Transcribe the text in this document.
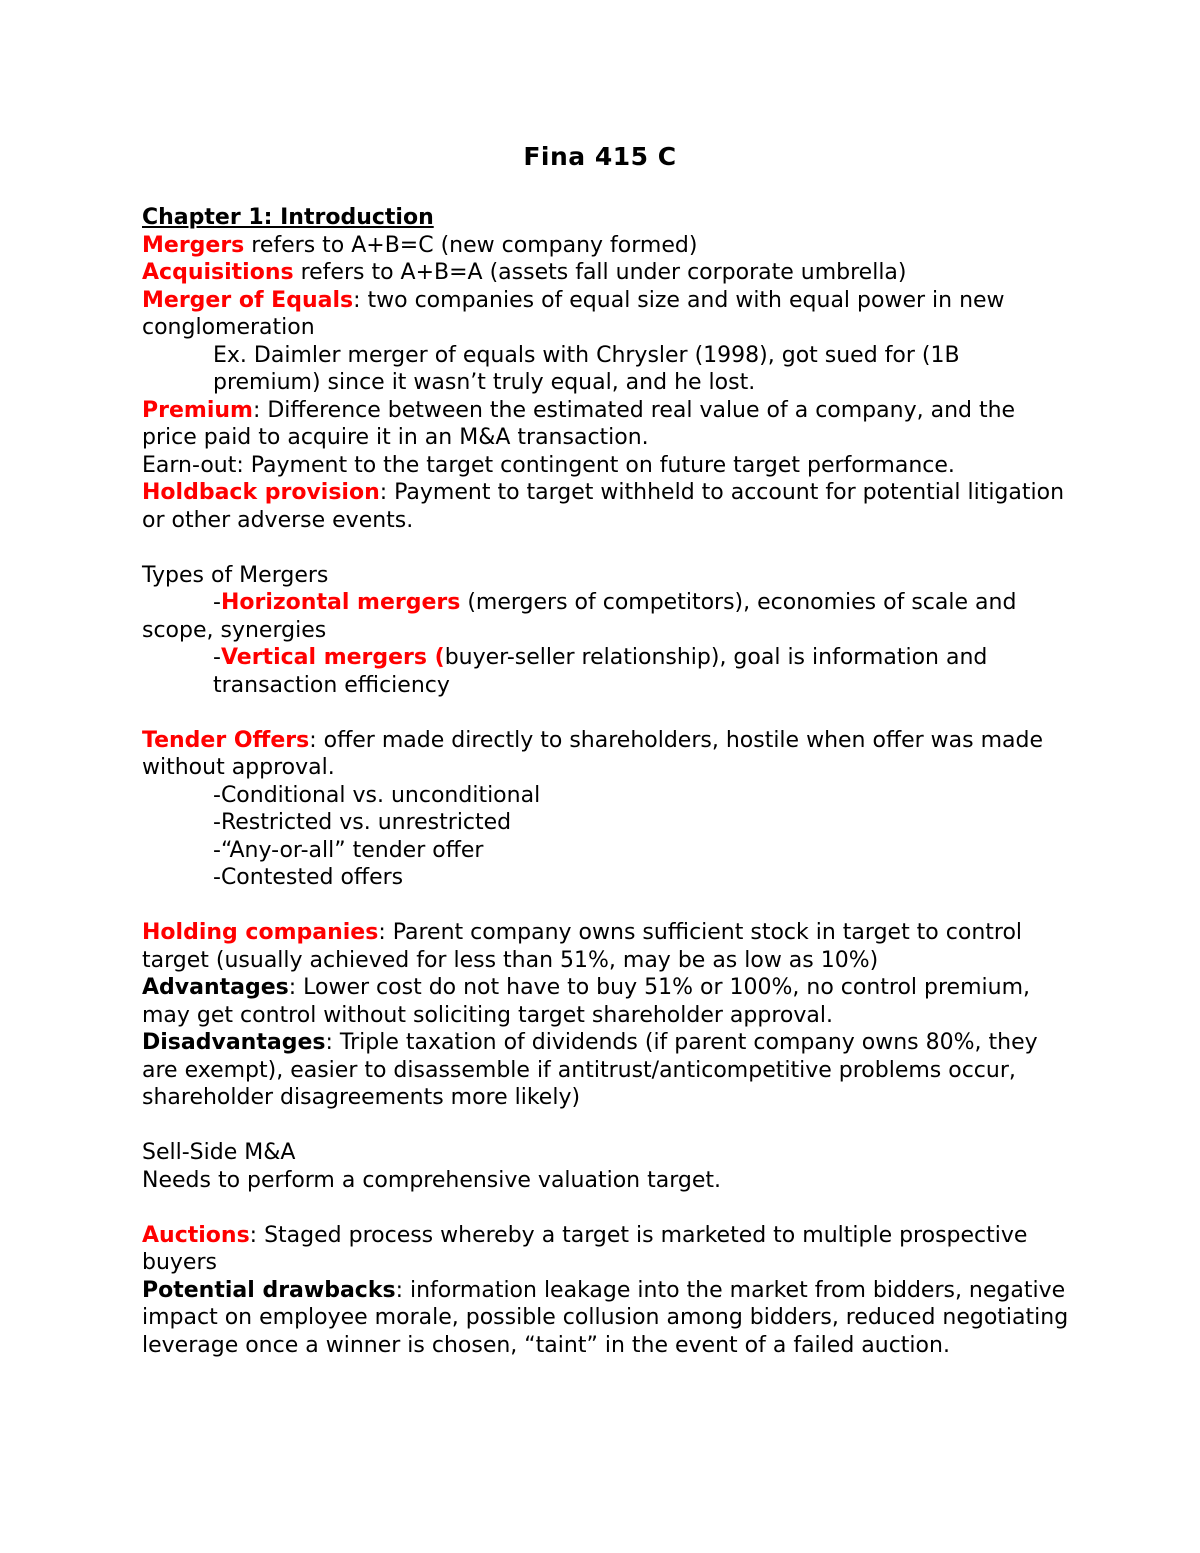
Fina 415 C

Chapter 1: Introduction

Mergers refers to A+B=C (new company formed)

Acquisitions refers to A+B=A (assets fall under corporate umbrella)

Merger of Equals: two companies of equal size and with equal power in new conglomeration

Ex. Daimler merger of equals with Chrysler (1998), got sued for (1B premium) since it wasn’t truly equal, and he lost.

Premium: Difference between the estimated real value of a company, and the price paid to acquire it in an M&A transaction.

Earn-out: Payment to the target contingent on future target performance.

Holdback provision: Payment to target withheld to account for potential litigation or other adverse events.

Types of Mergers

-Horizontal mergers (mergers of competitors), economies of scale and scope, synergies

-Vertical mergers (buyer-seller relationship), goal is information and transaction efficiency

Tender Offers: offer made directly to shareholders, hostile when offer was made without approval.

-Conditional vs. unconditional

-Restricted vs. unrestricted

-“Any-or-all” tender offer

-Contested offers

Holding companies: Parent company owns sufficient stock in target to control target (usually achieved for less than 51%, may be as low as 10%)

Advantages: Lower cost do not have to buy 51% or 100%, no control premium, may get control without soliciting target shareholder approval.

Disadvantages: Triple taxation of dividends (if parent company owns 80%, they are exempt), easier to disassemble if antitrust/anticompetitive problems occur, shareholder disagreements more likely)

Sell-Side M&A

Needs to perform a comprehensive valuation target.

Auctions: Staged process whereby a target is marketed to multiple prospective buyers

Potential drawbacks: information leakage into the market from bidders, negative impact on employee morale, possible collusion among bidders, reduced negotiating leverage once a winner is chosen, “taint” in the event of a failed auction.
